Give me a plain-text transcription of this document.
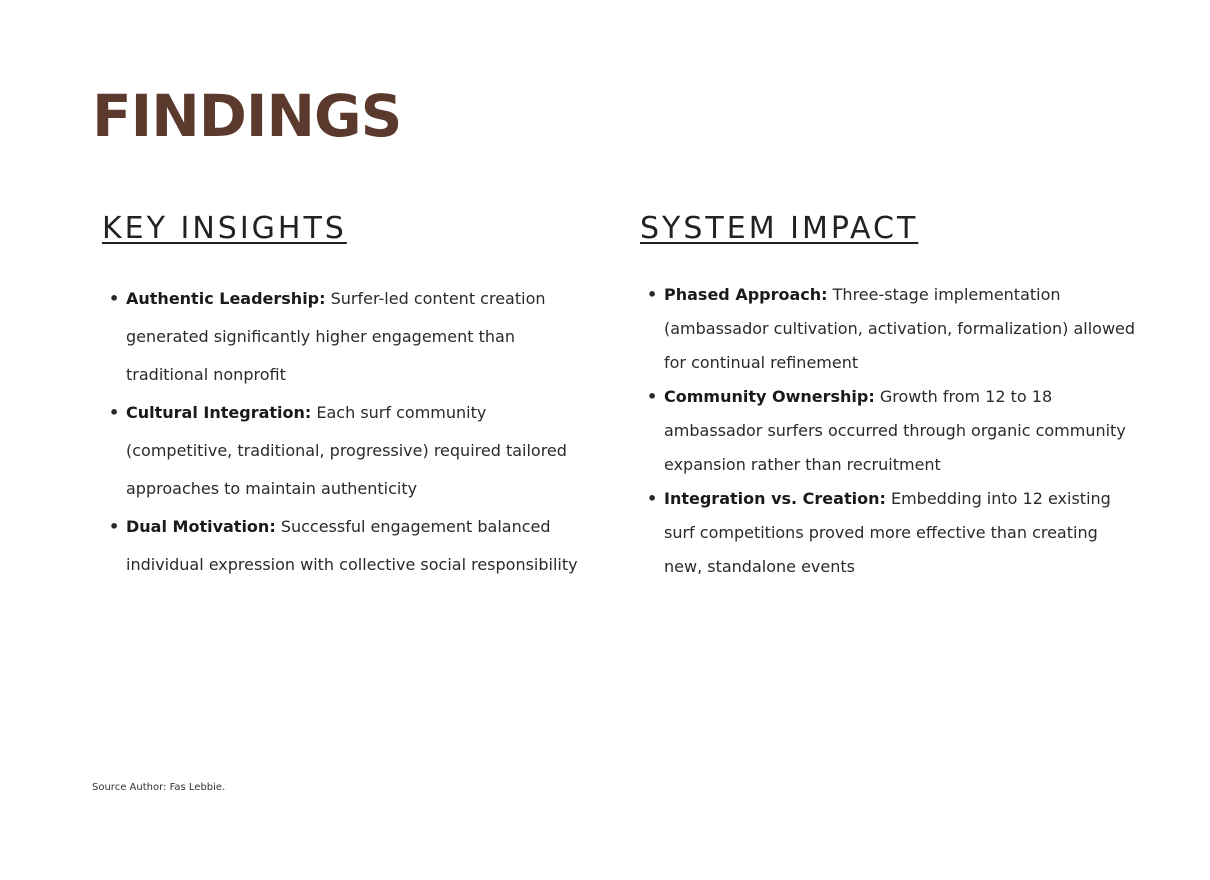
FINDINGS
KEY INSIGHTS
• Authentic Leadership: Surfer-led content creation generated significantly higher engagement than traditional nonprofit
• Cultural Integration: Each surf community (competitive, traditional, progressive) required tailored approaches to maintain authenticity
• Dual Motivation: Successful engagement balanced individual expression with collective social responsibility
SYSTEM IMPACT
• Phased Approach: Three-stage implementation (ambassador cultivation, activation, formalization) allowed for continual refinement
• Community Ownership: Growth from 12 to 18 ambassador surfers occurred through organic community expansion rather than recruitment
• Integration vs. Creation: Embedding into 12 existing surf competitions proved more effective than creating new, standalone events
Source Author: Fas Lebbie.
